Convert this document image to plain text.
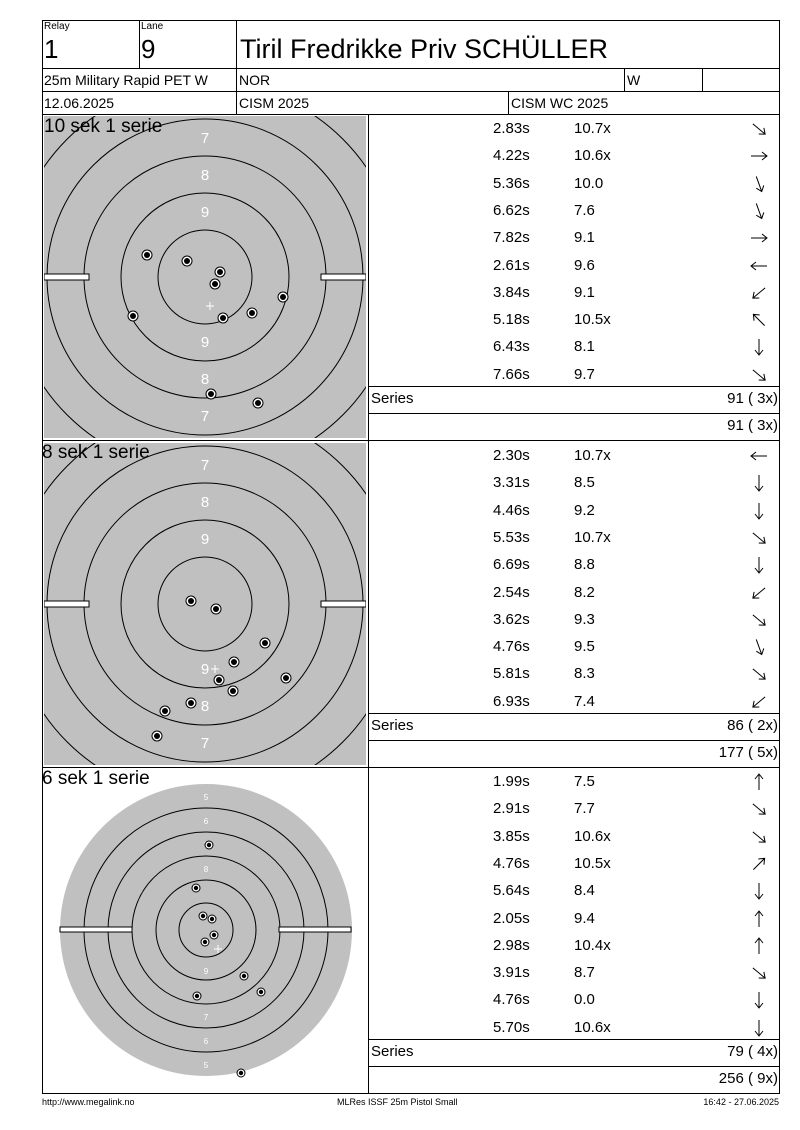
Relay
1
Lane
9	Tiril Fredrikke Priv SCHÜLLER
25m Military Rapid PET W NOR	W
12.06.2025	CISM 2025	CISM WC 2025
7
8
9
9
8
7
10 sek 1 serie
7
8
9
9
8
7
8 sek 1 serie
5
6
8
9
7
6
5
6 sek 1 serie
2.83s	10.7x
4.22s	10.6x
5.36s	10.0
6.62s	7.6
7.82s	9.1
2.61s	9.6
3.84s	9.1
5.18s	10.5x
6.43s	8.1
7.66s	9.7
2.30s	10.7x
3.31s	8.5
4.46s	9.2
5.53s	10.7x
6.69s	8.8
2.54s	8.2
3.62s	9.3
4.76s	9.5
5.81s	8.3
6.93s	7.4
1.99s	7.5
2.91s	7.7
3.85s	10.6x
4.76s	10.5x
5.64s	8.4
2.05s	9.4
2.98s	10.4x
3.91s	8.7
4.76s	0.0
5.70s	10.6x
Series	91 ( 3x)
91 ( 3x)
Series	86 ( 2x)
177 ( 5x)
Series	79 ( 4x)
256 ( 9x)
http://www.megalink.no	MLRes ISSF 25m Pistol Small	16:42 - 27.06.2025
